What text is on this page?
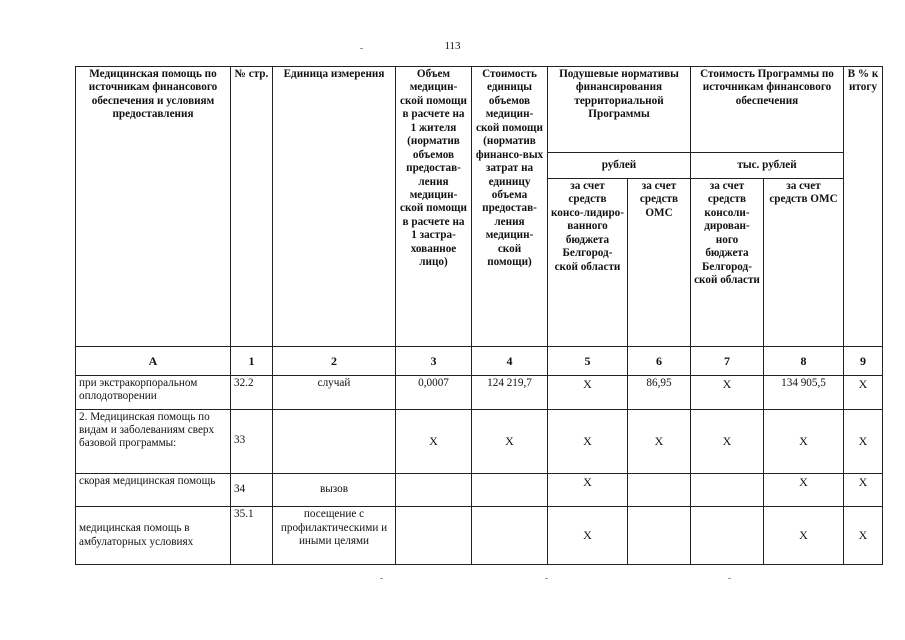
113
Медицинская помощь по источникам финансового обеспечения и условиям предоставления	№ стр.	Единица измерения	Объем медицин-ской помощи в расчете на 1 жителя (норматив объемов предостав-ления медицин-ской помощи в расчете на 1 застра-хованное лицо)	Стоимость единицы объемов медицин-ской помощи (норматив финансо-вых затрат на единицу объема предостав-ления медицин-ской помощи)	Подушевые нормативы финансирования территориальной Программы		Стоимость Программы по источникам финансового обеспечения		В % к итогу
					рублей		тыс. рублей		
					за счет средств консо-лидиро-ванного бюджета Белгород-ской области	за счет средств ОМС	за счет средств консоли-дирован-ного бюджета Белгород-ской области	за счет средств ОМС	
А	1	2	3	4	5	6	7	8	9
при экстракорпоральном оплодотворении	32.2	случай	0,0007	124 219,7	Х	86,95	Х	134 905,5	Х
2. Медицинская помощь по видам и заболеваниям сверх базовой программы:	33		Х	Х	Х	Х	Х	Х	Х
скорая медицинская помощь	34	вызов			Х			Х	Х
медицинская помощь в амбулаторных условиях	35.1	посещение с профилактическими и иными целями			Х			Х	Х
